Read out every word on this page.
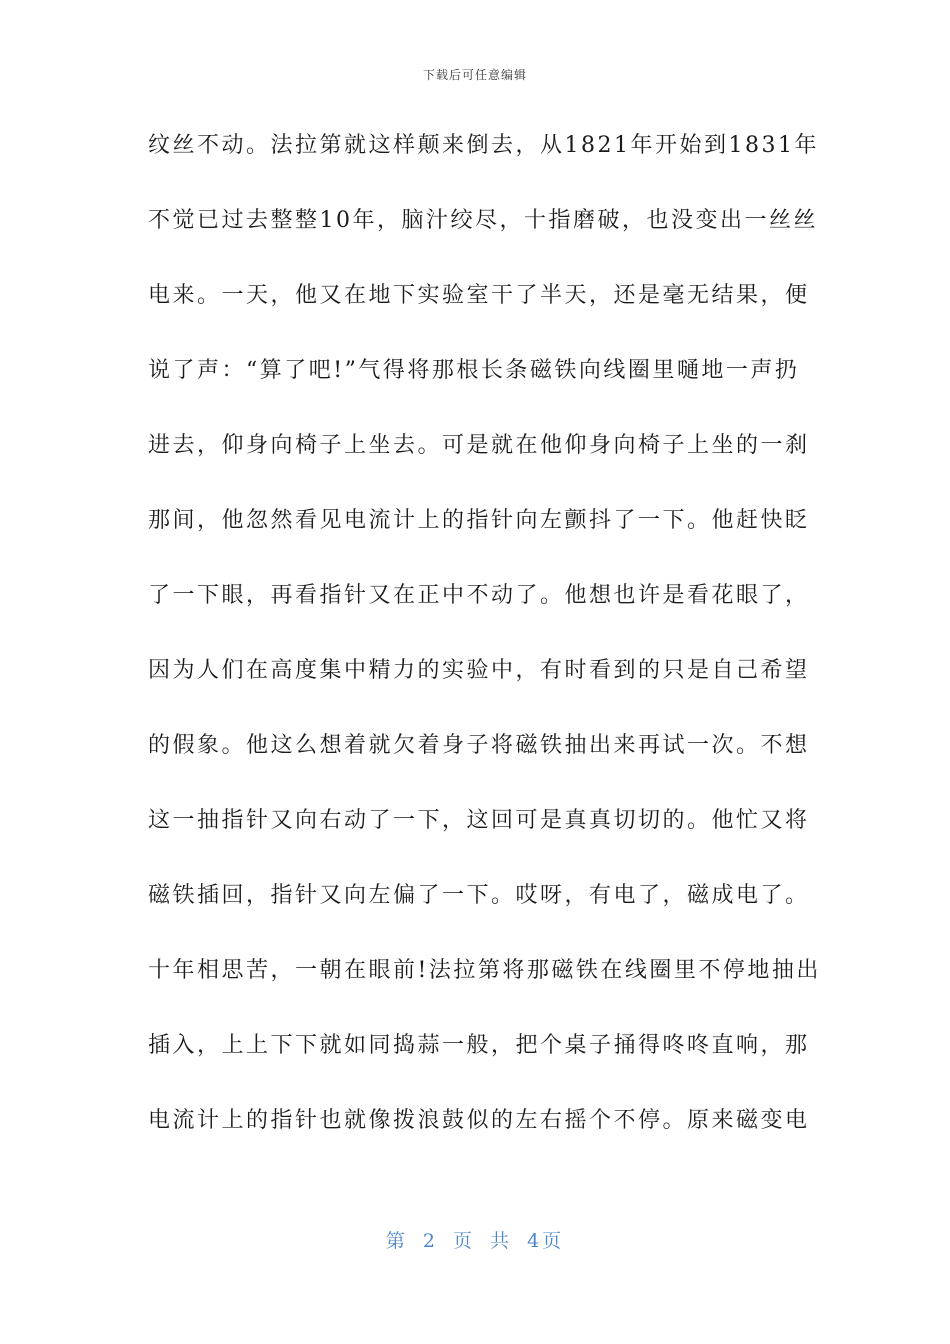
下载后可任意编辑
纹丝不动。法拉第就这样颠来倒去，从1821年开始到1831年
不觉已过去整整10年，脑汁绞尽，十指磨破，也没变出一丝丝
电来。一天，他又在地下实验室干了半天，还是毫无结果，便
说了声：“算了吧!”气得将那根长条磁铁向线圈里嗵地一声扔
进去，仰身向椅子上坐去。可是就在他仰身向椅子上坐的一刹
那间，他忽然看见电流计上的指针向左颤抖了一下。他赶快眨
了一下眼，再看指针又在正中不动了。他想也许是看花眼了，
因为人们在高度集中精力的实验中，有时看到的只是自己希望
的假象。他这么想着就欠着身子将磁铁抽出来再试一次。不想
这一抽指针又向右动了一下，这回可是真真切切的。他忙又将
磁铁插回，指针又向左偏了一下。哎呀，有电了，磁成电了。
十年相思苦，一朝在眼前!法拉第将那磁铁在线圈里不停地抽出
插入，上上下下就如同捣蒜一般，把个桌子捅得咚咚直响，那
电流计上的指针也就像拨浪鼓似的左右摇个不停。原来磁变电
第 2 页 共 4页
